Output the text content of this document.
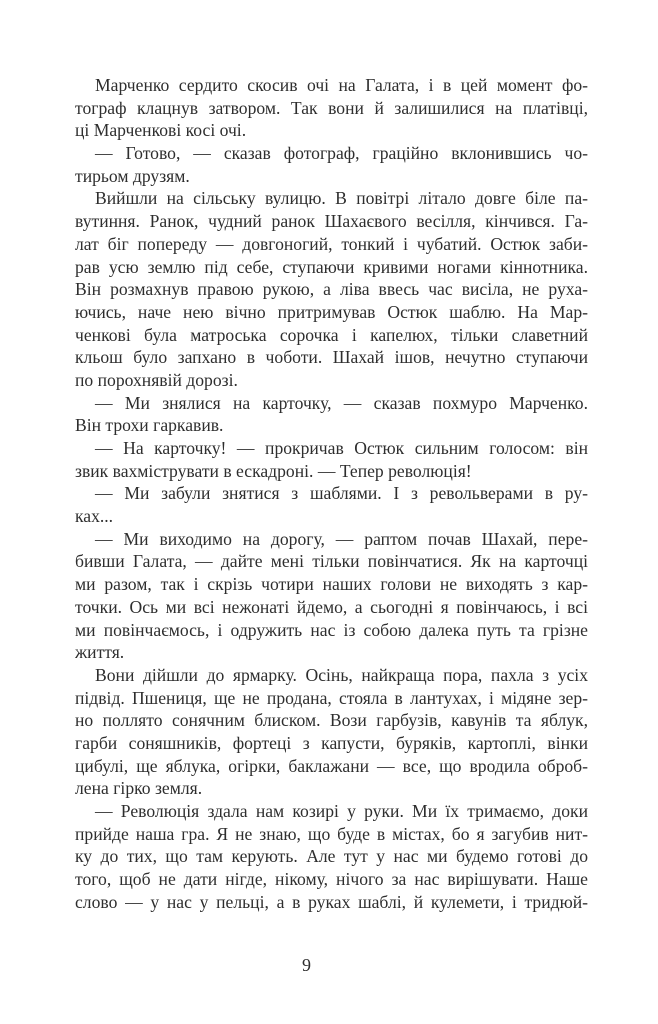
Марченко сердито скосив очі на Галата, і в цей момент фо-
тограф клацнув затвором. Так вони й залишилися на платівці,
ці Марченкові косі очі.
— Готово, — сказав фотограф, граційно вклонившись чо-
тирьом друзям.
Вийшли на сільську вулицю. В повітрі літало довге біле па-
вутиння. Ранок, чудний ранок Шахаєвого весілля, кінчився. Га-
лат біг попереду — довгоногий, тонкий і чубатий. Остюк заби-
рав усю землю під себе, ступаючи кривими ногами кіннотника.
Він розмахнув правою рукою, а ліва ввесь час висіла, не руха-
ючись, наче нею вічно притримував Остюк шаблю. На Мар-
ченкові була матроська сорочка і капелюх, тільки славетний
кльош було запхано в чоботи. Шахай ішов, нечутно ступаючи
по порохнявій дорозі.
— Ми знялися на карточку, — сказав похмуро Марченко.
Він трохи гаркавив.
— На карточку! — прокричав Остюк сильним голосом: він
звик вахміструвати в ескадроні. — Тепер революція!
— Ми забули знятися з шаблями. І з револьверами в ру-
ках...
— Ми виходимо на дорогу, — раптом почав Шахай, пере-
бивши Галата, — дайте мені тільки повінчатися. Як на карточці
ми разом, так і скрізь чотири наших голови не виходять з кар-
точки. Ось ми всі нежонаті йдемо, а сьогодні я повінчаюсь, і всі
ми повінчаємось, і одружить нас із собою далека путь та грізне
життя.
Вони дійшли до ярмарку. Осінь, найкраща пора, пахла з усіх
підвід. Пшениця, ще не продана, стояла в лантухах, і мідяне зер-
но поллято сонячним блиском. Вози гарбузів, кавунів та яблук,
гарби соняшників, фортеці з капусти, буряків, картоплі, вінки
цибулі, ще яблука, огірки, баклажани — все, що вродила оброб-
лена гірко земля.
— Революція здала нам козирі у руки. Ми їх тримаємо, доки
прийде наша гра. Я не знаю, що буде в містах, бо я загубив нит-
ку до тих, що там керують. Але тут у нас ми будемо готові до
того, щоб не дати нігде, нікому, нічого за нас вирішувати. Наше
слово — у нас у пельці, а в руках шаблі, й кулемети, і тридюй-
9
